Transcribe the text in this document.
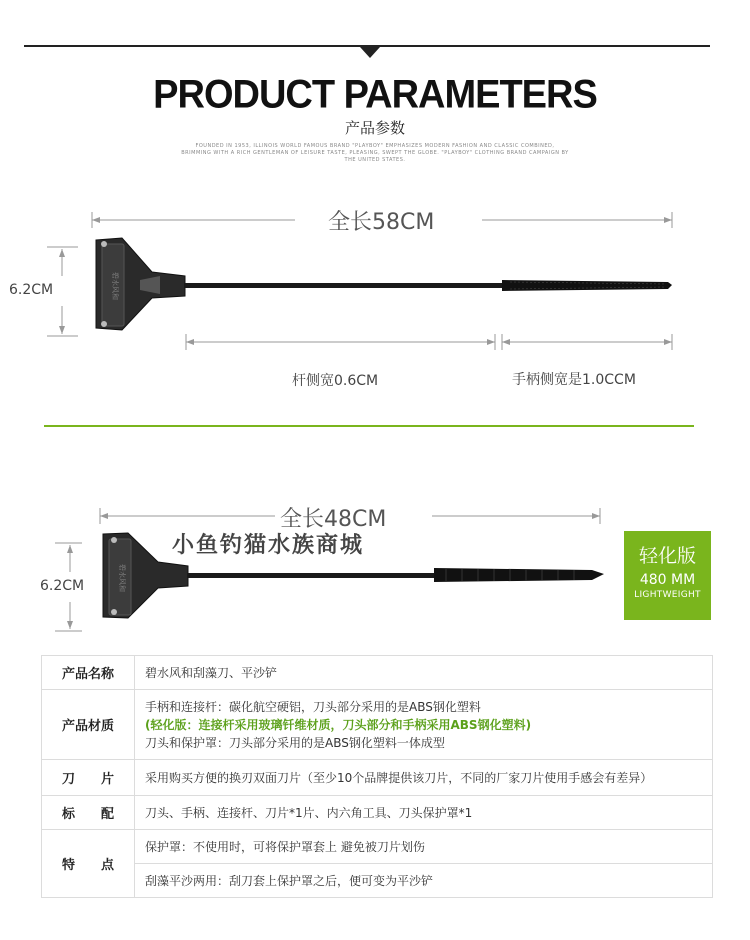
PRODUCT PARAMETERS
产品参数
FOUNDED IN 1953, ILLINOIS WORLD FAMOUS BRAND "PLAYBOY" EMPHASIZES MODERN FASHION AND CLASSIC COMBINED, BRIMMING WITH A RICH GENTLEMAN OF LEISURE TASTE, PLEASING, SWEPT THE GLOBE. "PLAYBOY" CLOTHING BRAND CAMPAIGN BY THE UNITED STATES.
碧水风和
全长58CM
6.2CM
杆侧宽0.6CM	手柄侧宽是1.0CCM
碧水风和
全长48CM
6.2CM
小鱼钓猫水族商城	轻化版
480 MM
LIGHTWEIGHT
产品名称	碧水风和刮藻刀、平沙铲
产品材质	手柄和连接杆：碳化航空硬铝，刀头部分采用的是ABS钢化塑料
(轻化版：连接杆采用玻璃钎维材质，刀头部分和手柄采用ABS钢化塑料)
刀头和保护罩：刀头部分采用的是ABS钢化塑料一体成型

刀　　片	采用购买方便的换刃双面刀片（至少10个品牌提供该刀片，不同的厂家刀片使用手感会有差异）
标　　配	刀头、手柄、连接杆、刀片*1片、内六角工具、刀头保护罩*1
特　　点	保护罩：不使用时，可将保护罩套上 避免被刀片划伤
	刮藻平沙两用：刮刀套上保护罩之后，便可变为平沙铲
